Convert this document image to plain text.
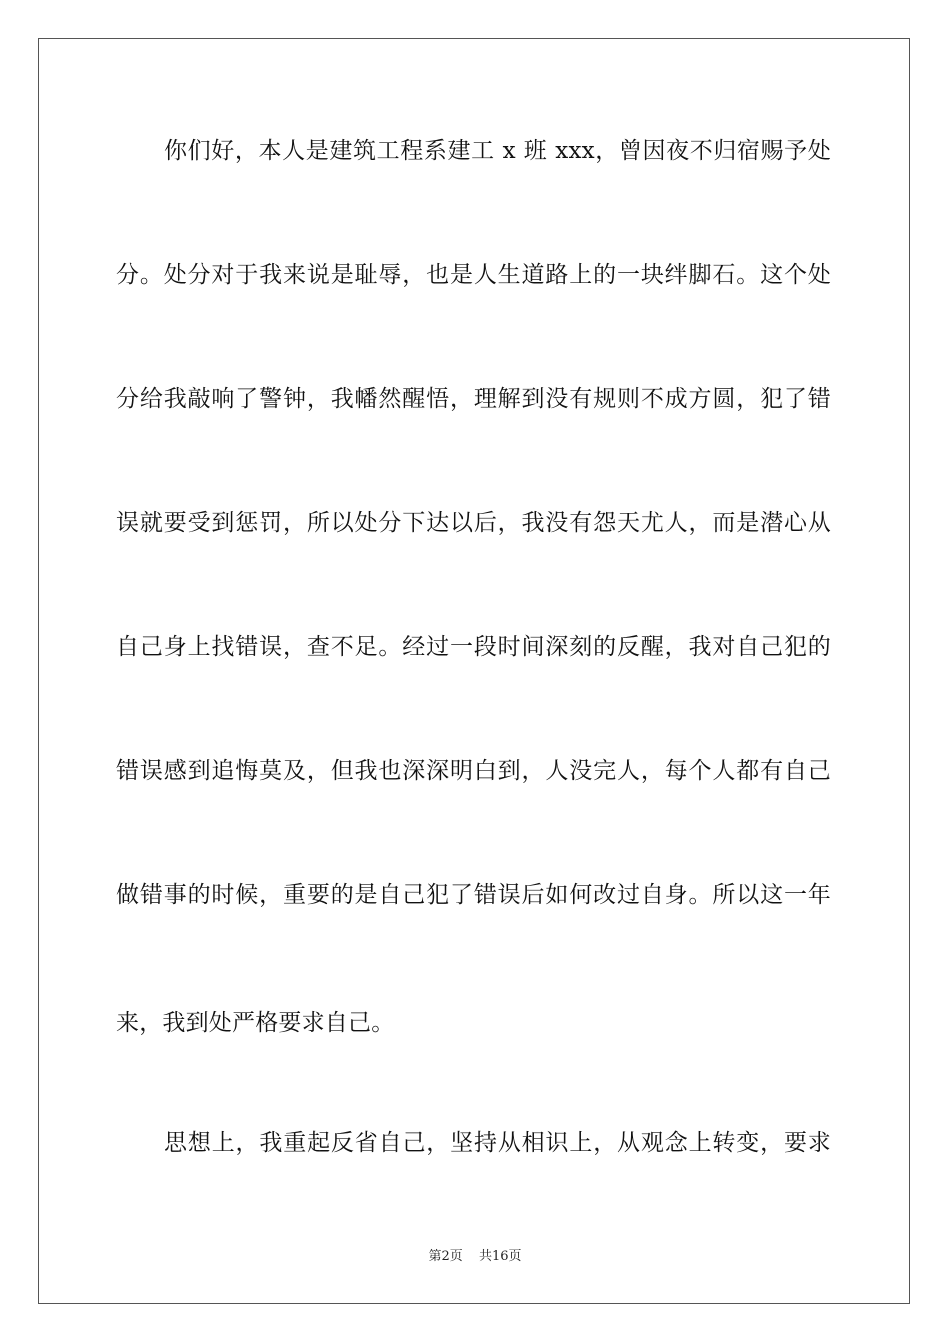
你们好，本人是建筑工程系建工 x 班 xxx，曾因夜不归宿赐予处
分。处分对于我来说是耻辱，也是人生道路上的一块绊脚石。这个处
分给我敲响了警钟，我幡然醒悟，理解到没有规则不成方圆，犯了错
误就要受到惩罚，所以处分下达以后，我没有怨天尤人，而是潜心从
自己身上找错误，查不足。经过一段时间深刻的反醒，我对自己犯的
错误感到追悔莫及，但我也深深明白到，人没完人，每个人都有自己
做错事的时候，重要的是自己犯了错误后如何改过自身。所以这一年
来，我到处严格要求自己。
思想上，我重起反省自己，坚持从相识上，从观念上转变，要求
第2页 共16页
